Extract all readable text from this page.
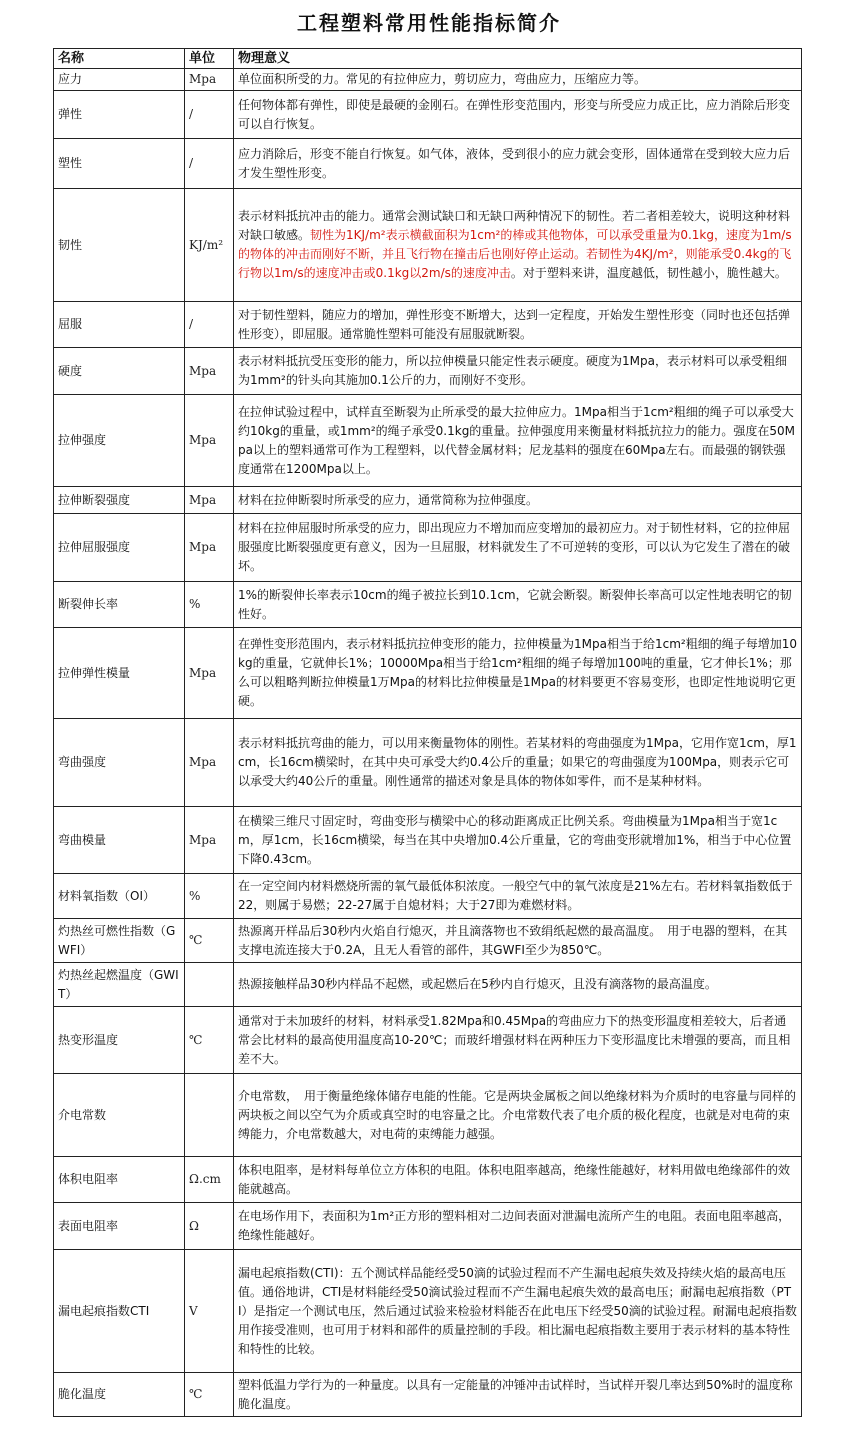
工程塑料常用性能指标简介
名称	单位	物理意义
应力	Mpa	单位面积所受的力。常见的有拉伸应力，剪切应力，弯曲应力，压缩应力等。
弹性	/	任何物体都有弹性，即使是最硬的金刚石。在弹性形变范围内，形变与所受应力成正比，应力消除后形变可以自行恢复。
塑性	/	应力消除后，形变不能自行恢复。如气体，液体，受到很小的应力就会变形，固体通常在受到较大应力后才发生塑性形变。
韧性	KJ/m²	表示材料抵抗冲击的能力。通常会测试缺口和无缺口两种情况下的韧性。若二者相差较大，说明这种材料对缺口敏感。韧性为1KJ/m²表示横截面积为1cm²的棒或其他物体，可以承受重量为0.1kg，速度为1m/s的物体的冲击而刚好不断，并且飞行物在撞击后也刚好停止运动。若韧性为4KJ/m²，则能承受0.4kg的飞行物以1m/s的速度冲击或0.1kg以2m/s的速度冲击。对于塑料来讲，温度越低，韧性越小，脆性越大。
屈服	/	对于韧性塑料，随应力的增加，弹性形变不断增大，达到一定程度，开始发生塑性形变（同时也还包括弹性形变），即屈服。通常脆性塑料可能没有屈服就断裂。
硬度	Mpa	表示材料抵抗受压变形的能力，所以拉伸模量只能定性表示硬度。硬度为1Mpa，表示材料可以承受粗细为1mm²的针头向其施加0.1公斤的力，而刚好不变形。
拉伸强度	Mpa	在拉伸试验过程中，试样直至断裂为止所承受的最大拉伸应力。1Mpa相当于1cm²粗细的绳子可以承受大约10kg的重量，或1mm²的绳子承受0.1kg的重量。拉伸强度用来衡量材料抵抗拉力的能力。强度在50Mpa以上的塑料通常可作为工程塑料，以代替金属材料；尼龙基料的强度在60Mpa左右。而最强的钢铁强度通常在1200Mpa以上。
拉伸断裂强度	Mpa	材料在拉伸断裂时所承受的应力，通常简称为拉伸强度。
拉伸屈服强度	Mpa	材料在拉伸屈服时所承受的应力，即出现应力不增加而应变增加的最初应力。对于韧性材料，它的拉伸屈服强度比断裂强度更有意义，因为一旦屈服，材料就发生了不可逆转的变形，可以认为它发生了潜在的破坏。
断裂伸长率	%	1%的断裂伸长率表示10cm的绳子被拉长到10.1cm，它就会断裂。断裂伸长率高可以定性地表明它的韧性好。
拉伸弹性模量	Mpa	在弹性变形范围内，表示材料抵抗拉伸变形的能力，拉伸模量为1Mpa相当于给1cm²粗细的绳子每增加10kg的重量，它就伸长1%；10000Mpa相当于给1cm²粗细的绳子每增加100吨的重量，它才伸长1%；那么可以粗略判断拉伸模量1万Mpa的材料比拉伸模量是1Mpa的材料要更不容易变形，也即定性地说明它更硬。
弯曲强度	Mpa	表示材料抵抗弯曲的能力，可以用来衡量物体的刚性。若某材料的弯曲强度为1Mpa，它用作宽1cm，厚1cm，长16cm横梁时，在其中央可承受大约0.4公斤的重量；如果它的弯曲强度为100Mpa，则表示它可以承受大约40公斤的重量。刚性通常的描述对象是具体的物体如零件，而不是某种材料。
弯曲模量	Mpa	在横梁三维尺寸固定时，弯曲变形与横梁中心的移动距离成正比例关系。弯曲模量为1Mpa相当于宽1cm，厚1cm，长16cm横梁，每当在其中央增加0.4公斤重量，它的弯曲变形就增加1%，相当于中心位置下降0.43cm。
材料氧指数（OI）	%	在一定空间内材料燃烧所需的氧气最低体积浓度。一般空气中的氧气浓度是21%左右。若材料氧指数低于22，则属于易燃；22-27属于自熄材料；大于27即为难燃材料。
灼热丝可燃性指数（GWFI）	℃	热源离开样品后30秒内火焰自行熄灭，并且滴落物也不致绢纸起燃的最高温度。　用于电器的塑料，在其支撑电流连接大于0.2A，且无人看管的部件，其GWFI至少为850℃。
灼热丝起燃温度（GWIT）		热源接触样品30秒内样品不起燃，或起燃后在5秒内自行熄灭，且没有滴落物的最高温度。
热变形温度	℃	通常对于未加玻纤的材料，材料承受1.82Mpa和0.45Mpa的弯曲应力下的热变形温度相差较大，后者通常会比材料的最高使用温度高10-20℃；而玻纤增强材料在两种压力下变形温度比未增强的要高，而且相差不大。
介电常数		介电常数，　用于衡量绝缘体储存电能的性能。它是两块金属板之间以绝缘材料为介质时的电容量与同样的两块板之间以空气为介质或真空时的电容量之比。介电常数代表了电介质的极化程度，也就是对电荷的束缚能力，介电常数越大，对电荷的束缚能力越强。
体积电阻率	Ω.cm	体积电阻率，是材料每单位立方体积的电阻。体积电阻率越高，绝缘性能越好，材料用做电绝缘部件的效能就越高。
表面电阻率	Ω	在电场作用下，表面积为1m²正方形的塑料相对二边间表面对泄漏电流所产生的电阻。表面电阻率越高，绝缘性能越好。
漏电起痕指数CTI	V	漏电起痕指数(CTI)：五个测试样品能经受50滴的试验过程而不产生漏电起痕失效及持续火焰的最高电压值。通俗地讲，CTI是材料能经受50滴试验过程而不产生漏电起痕失效的最高电压；耐漏电起痕指数（PTI）是指定一个测试电压，然后通过试验来检验材料能否在此电压下经受50滴的试验过程。耐漏电起痕指数用作接受准则，也可用于材料和部件的质量控制的手段。相比漏电起痕指数主要用于表示材料的基本特性和特性的比较。
脆化温度	℃	塑料低温力学行为的一种量度。以具有一定能量的冲锤冲击试样时，当试样开裂几率达到50%时的温度称脆化温度。
